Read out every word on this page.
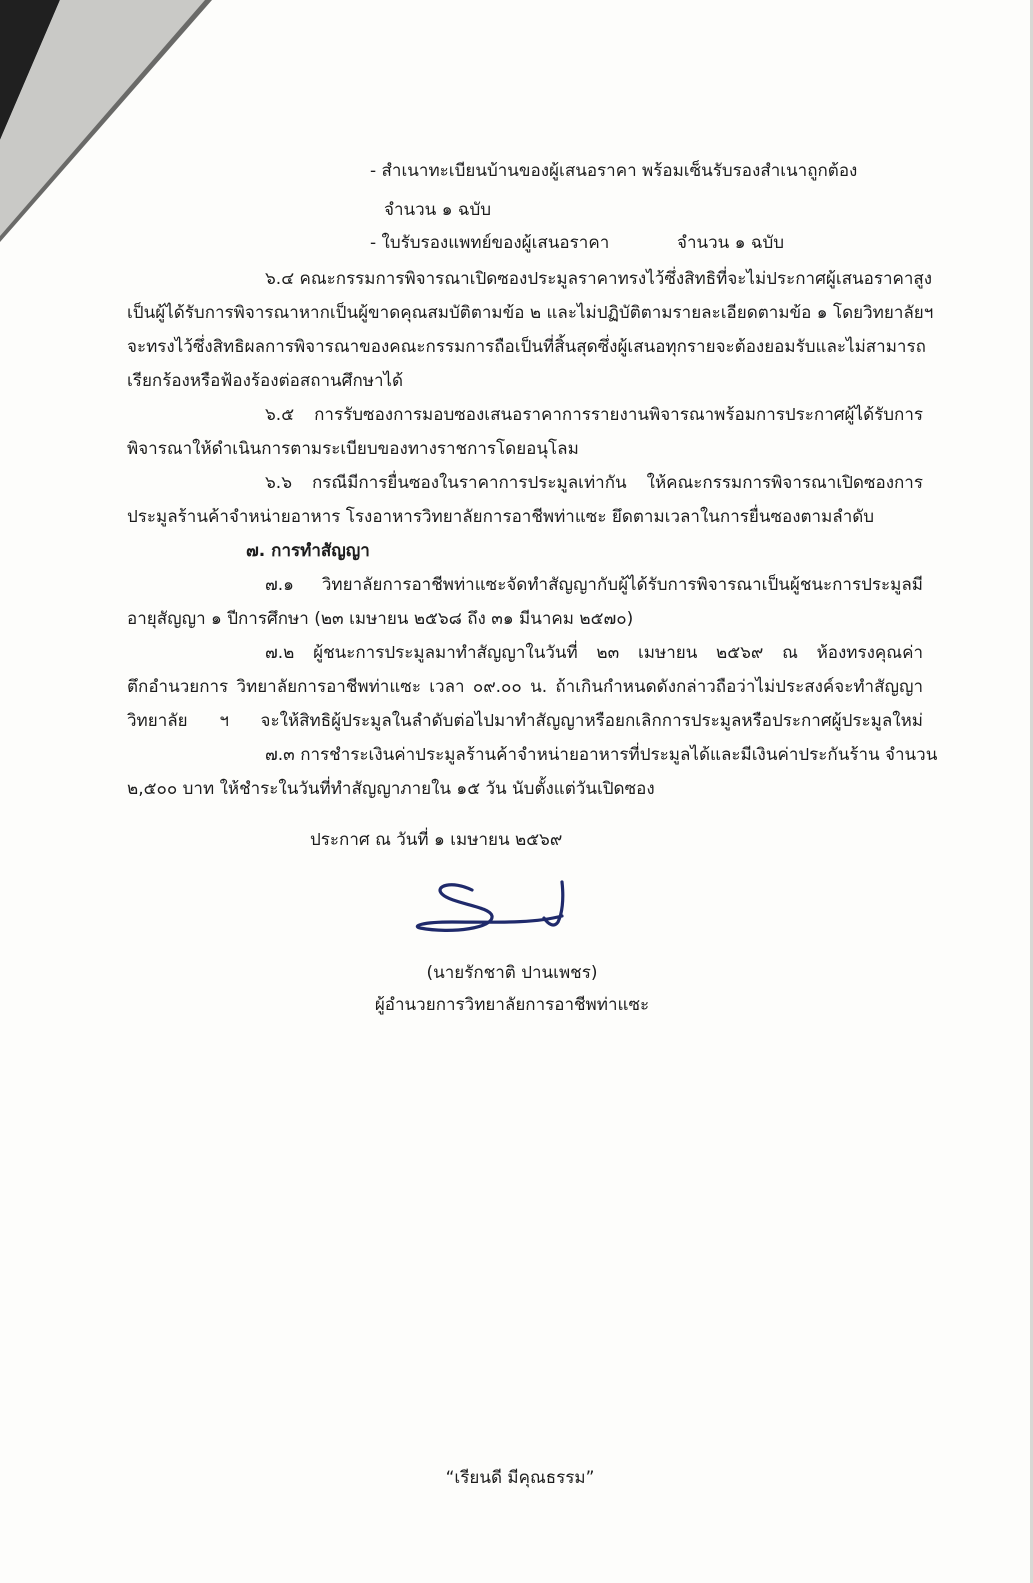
- สำเนาทะเบียนบ้านของผู้เสนอราคา พร้อมเซ็นรับรองสำเนาถูกต้อง
จำนวน ๑ ฉบับ
- ใบรับรองแพทย์ของผู้เสนอราคา	จำนวน ๑ ฉบับ
๖.๔ คณะกรรมการพิจารณาเปิดซองประมูลราคาทรงไว้ซึ่งสิทธิที่จะไม่ประกาศผู้เสนอราคาสูง
เป็นผู้ได้รับการพิจารณาหากเป็นผู้ขาดคุณสมบัติตามข้อ ๒ และไม่ปฏิบัติตามรายละเอียดตามข้อ ๑ โดยวิทยาลัยฯ
จะทรงไว้ซึ่งสิทธิผลการพิจารณาของคณะกรรมการถือเป็นที่สิ้นสุดซึ่งผู้เสนอทุกรายจะต้องยอมรับและไม่สามารถ
เรียกร้องหรือฟ้องร้องต่อสถานศึกษาได้
๖.๕ การรับซองการมอบซองเสนอราคาการรายงานพิจารณาพร้อมการประกาศผู้ได้รับการ
พิจารณาให้ดำเนินการตามระเบียบของทางราชการโดยอนุโลม
๖.๖ กรณีมีการยื่นซองในราคาการประมูลเท่ากัน ให้คณะกรรมการพิจารณาเปิดซองการ
ประมูลร้านค้าจำหน่ายอาหาร โรงอาหารวิทยาลัยการอาชีพท่าแซะ ยึดตามเวลาในการยื่นซองตามลำดับ
๗. การทำสัญญา
๗.๑ วิทยาลัยการอาชีพท่าแซะจัดทำสัญญากับผู้ได้รับการพิจารณาเป็นผู้ชนะการประมูลมี
อายุสัญญา ๑ ปีการศึกษา (๒๓ เมษายน ๒๕๖๘ ถึง ๓๑ มีนาคม ๒๕๗๐)
๗.๒ ผู้ชนะการประมูลมาทำสัญญาในวันที่ ๒๓ เมษายน ๒๕๖๙ ณ ห้องทรงคุณค่า
ตึกอำนวยการ วิทยาลัยการอาชีพท่าแซะ เวลา ๐๙.๐๐ น. ถ้าเกินกำหนดดังกล่าวถือว่าไม่ประสงค์จะทำสัญญา
วิทยาลัย ฯ จะให้สิทธิผู้ประมูลในลำดับต่อไปมาทำสัญญาหรือยกเลิกการประมูลหรือประกาศผู้ประมูลใหม่
๗.๓ การชำระเงินค่าประมูลร้านค้าจำหน่ายอาหารที่ประมูลได้และมีเงินค่าประกันร้าน จำนวน
๒,๕๐๐ บาท ให้ชำระในวันที่ทำสัญญาภายใน ๑๕ วัน นับตั้งแต่วันเปิดซอง
ประกาศ ณ วันที่ ๑ เมษายน ๒๕๖๙
(นายรักชาติ ปานเพชร)
ผู้อำนวยการวิทยาลัยการอาชีพท่าแซะ
“เรียนดี มีคุณธรรม”
